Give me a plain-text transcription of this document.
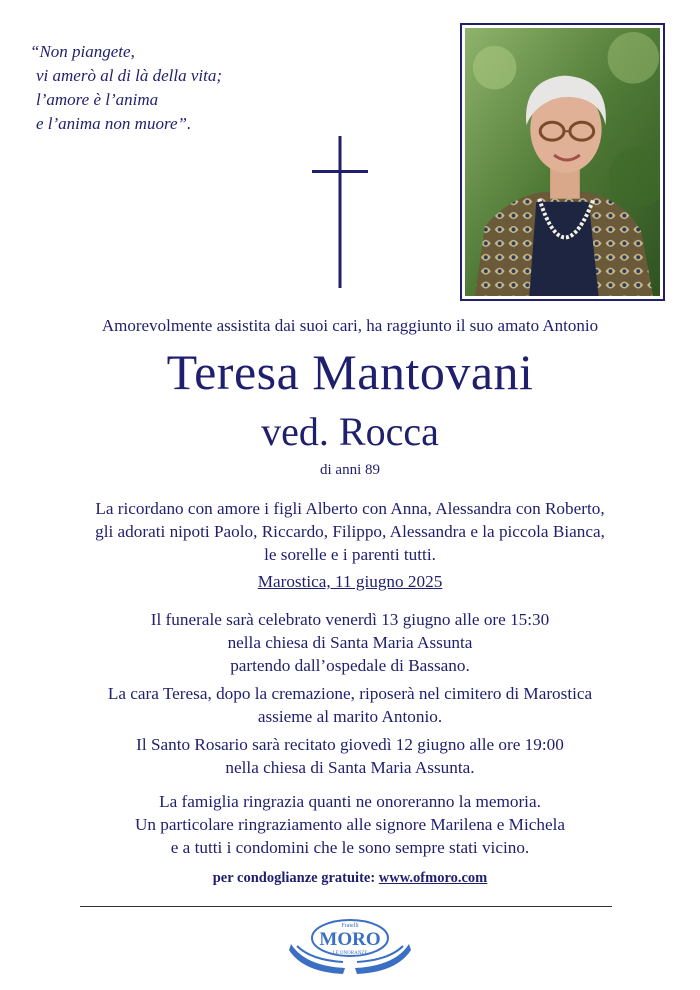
“Non piangete,
vi amerò al di là della vita;
l’amore è l’anima
e l’anima non muore”.
Amorevolmente assistita dai suoi cari, ha raggiunto il suo amato Antonio
Teresa Mantovani
ved. Rocca
di anni 89
La ricordano con amore i figli Alberto con Anna, Alessandra con Roberto,
gli adorati nipoti Paolo, Riccardo, Filippo, Alessandra e la piccola Bianca,
le sorelle e i parenti tutti.
Marostica, 11 giugno 2025
Il funerale sarà celebrato venerdì 13 giugno alle ore 15:30
nella chiesa di Santa Maria Assunta
partendo dall’ospedale di Bassano.
La cara Teresa, dopo la cremazione, riposerà nel cimitero di Marostica
assieme al marito Antonio.
Il Santo Rosario sarà recitato giovedì 12 giugno alle ore 19:00
nella chiesa di Santa Maria Assunta.
La famiglia ringrazia quanti ne onoreranno la memoria.
Un particolare ringraziamento alle signore Marilena e Michela
e a tutti i condomini che le sono sempre stati vicino.
per condoglianze gratuite: www.ofmoro.com
Fratelli
MORO
LE ONORANZE
